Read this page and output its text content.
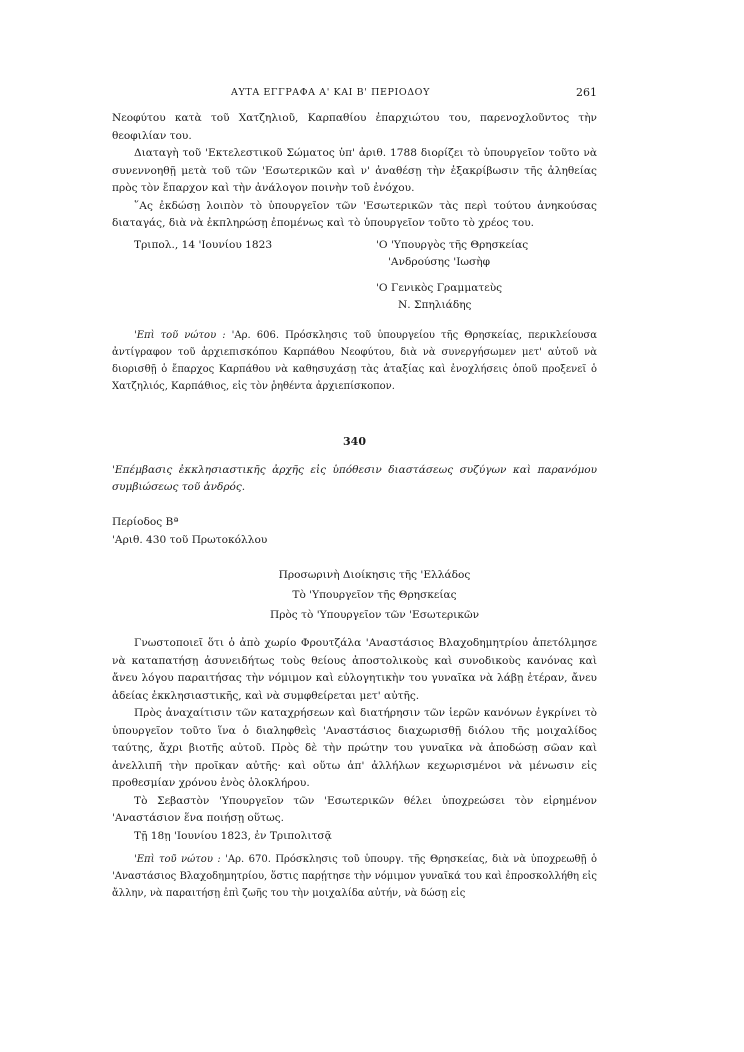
ΑΥΤΑ ΕΓΓΡΑΦΑ Α' ΚΑΙ Β' ΠΕΡΙΟΔΟΥ	261

Νεοφύτου κατὰ τοῦ Χατζηλιοῦ, Καρπαθίου ἐπαρχιώτου του, παρενοχλοῦντος τὴν θεοφιλίαν του.

Διαταγὴ τοῦ 'Εκτελεστικοῦ Σώματος ὑπ' ἀριθ. 1788 διορίζει τὸ ὑπουργεῖον τοῦτο νὰ συνεννοηθῇ μετὰ τοῦ τῶν 'Εσωτερικῶν καὶ ν' ἀναθέσῃ τὴν ἐξακρίβωσιν τῆς ἀληθείας πρὸς τὸν ἔπαρχον καὶ τὴν ἀνάλογον ποινὴν τοῦ ἐνόχου.

῞Ας ἐκδώσῃ λοιπὸν τὸ ὑπουργεῖον τῶν 'Εσωτερικῶν τὰς περὶ τούτου ἀνηκούσας διαταγάς, διὰ νὰ ἐκπληρώσῃ ἐπομένως καὶ τὸ ὑπουργεῖον τοῦτο τὸ χρέος του.

Τριπολ., 14 'Ιουνίου 1823	'Ο 'Υπουργὸς τῆς Θρησκείας
'Ανδρούσης 'Ιωσὴφ
'Ο Γενικὸς Γραμματεὺς
Ν. Σπηλιάδης

'Επὶ τοῦ νώτου : 'Αρ. 606. Πρόσκλησις τοῦ ὑπουργείου τῆς Θρησκείας, περικλείουσα ἀντίγραφον τοῦ ἀρχιεπισκόπου Καρπάθου Νεοφύτου, διὰ νὰ συνεργήσωμεν μετ' αὐτοῦ νὰ διορισθῇ ὁ ἔπαρχος Καρπάθου νὰ καθησυχάσῃ τὰς ἀταξίας καὶ ἐνοχλήσεις ὁποῦ προξενεῖ ὁ Χατζηλιός, Καρπάθιος, εἰς τὸν ῥηθέντα ἀρχιεπίσκοπον.

340

'Επέμβασις ἐκκλησιαστικῆς ἀρχῆς εἰς ὑπόθεσιν διαστάσεως συζύγων καὶ παρανόμου συμβιώσεως τοῦ ἀνδρός.

Περίοδος Βª
'Αριθ. 430 τοῦ Πρωτοκόλλου
Προσωρινὴ Διοίκησις τῆς 'Ελλάδος
Τὸ 'Υπουργεῖον τῆς Θρησκείας
Πρὸς τὸ 'Υπουργεῖον τῶν 'Εσωτερικῶν

Γνωστοποιεῖ ὅτι ὁ ἀπὸ χωρίο Φρουτζάλα 'Αναστάσιος Βλαχοδημητρίου ἀπετόλμησε νὰ καταπατήσῃ ἀσυνειδήτως τοὺς θείους ἀποστολικοὺς καὶ συνοδικοὺς κανόνας καὶ ἄνευ λόγου παραιτήσας τὴν νόμιμον καὶ εὐλογητικὴν του γυναῖκα νὰ λάβῃ ἑτέραν, ἄνευ ἀδείας ἐκκλησιαστικῆς, καὶ νὰ συμφθείρεται μετ' αὐτῆς.

Πρὸς ἀναχαίτισιν τῶν καταχρήσεων καὶ διατήρησιν τῶν ἱερῶν κανόνων ἐγκρίνει τὸ ὑπουργεῖον τοῦτο ἵνα ὁ διαληφθεὶς 'Αναστάσιος διαχωρισθῇ διόλου τῆς μοιχαλίδος ταύτης, ἄχρι βιοτῆς αὐτοῦ. Πρὸς δὲ τὴν πρώτην του γυναῖκα νὰ ἀποδώσῃ σῶαν καὶ ἀνελλιπῆ τὴν προῖκαν αὐτῆς· καὶ οὕτω ἀπ' ἀλλήλων κεχωρισμένοι νὰ μένωσιν εἰς προθεσμίαν χρόνου ἑνὸς ὁλοκλήρου.

Τὸ Σεβαστὸν 'Υπουργεῖον τῶν 'Εσωτερικῶν θέλει ὑποχρεώσει τὸν εἰρημένον 'Αναστάσιον ἕνα ποιήσῃ οὕτως.

Τῇ 18ῃ 'Ιουνίου 1823, ἐν Τριπολιτσᾷ

'Επὶ τοῦ νώτου : 'Αρ. 670. Πρόσκλησις τοῦ ὑπουργ. τῆς Θρησκείας, διὰ νὰ ὑποχρεωθῇ ὁ 'Αναστάσιος Βλαχοδημητρίου, ὅστις παρῄτησε τὴν νόμιμον γυναῖκά του καὶ ἐπροσκολλήθη εἰς ἄλλην, νὰ παραιτήσῃ ἐπὶ ζωῆς του τὴν μοιχαλίδα αὐτήν, νὰ δώσῃ εἰς
